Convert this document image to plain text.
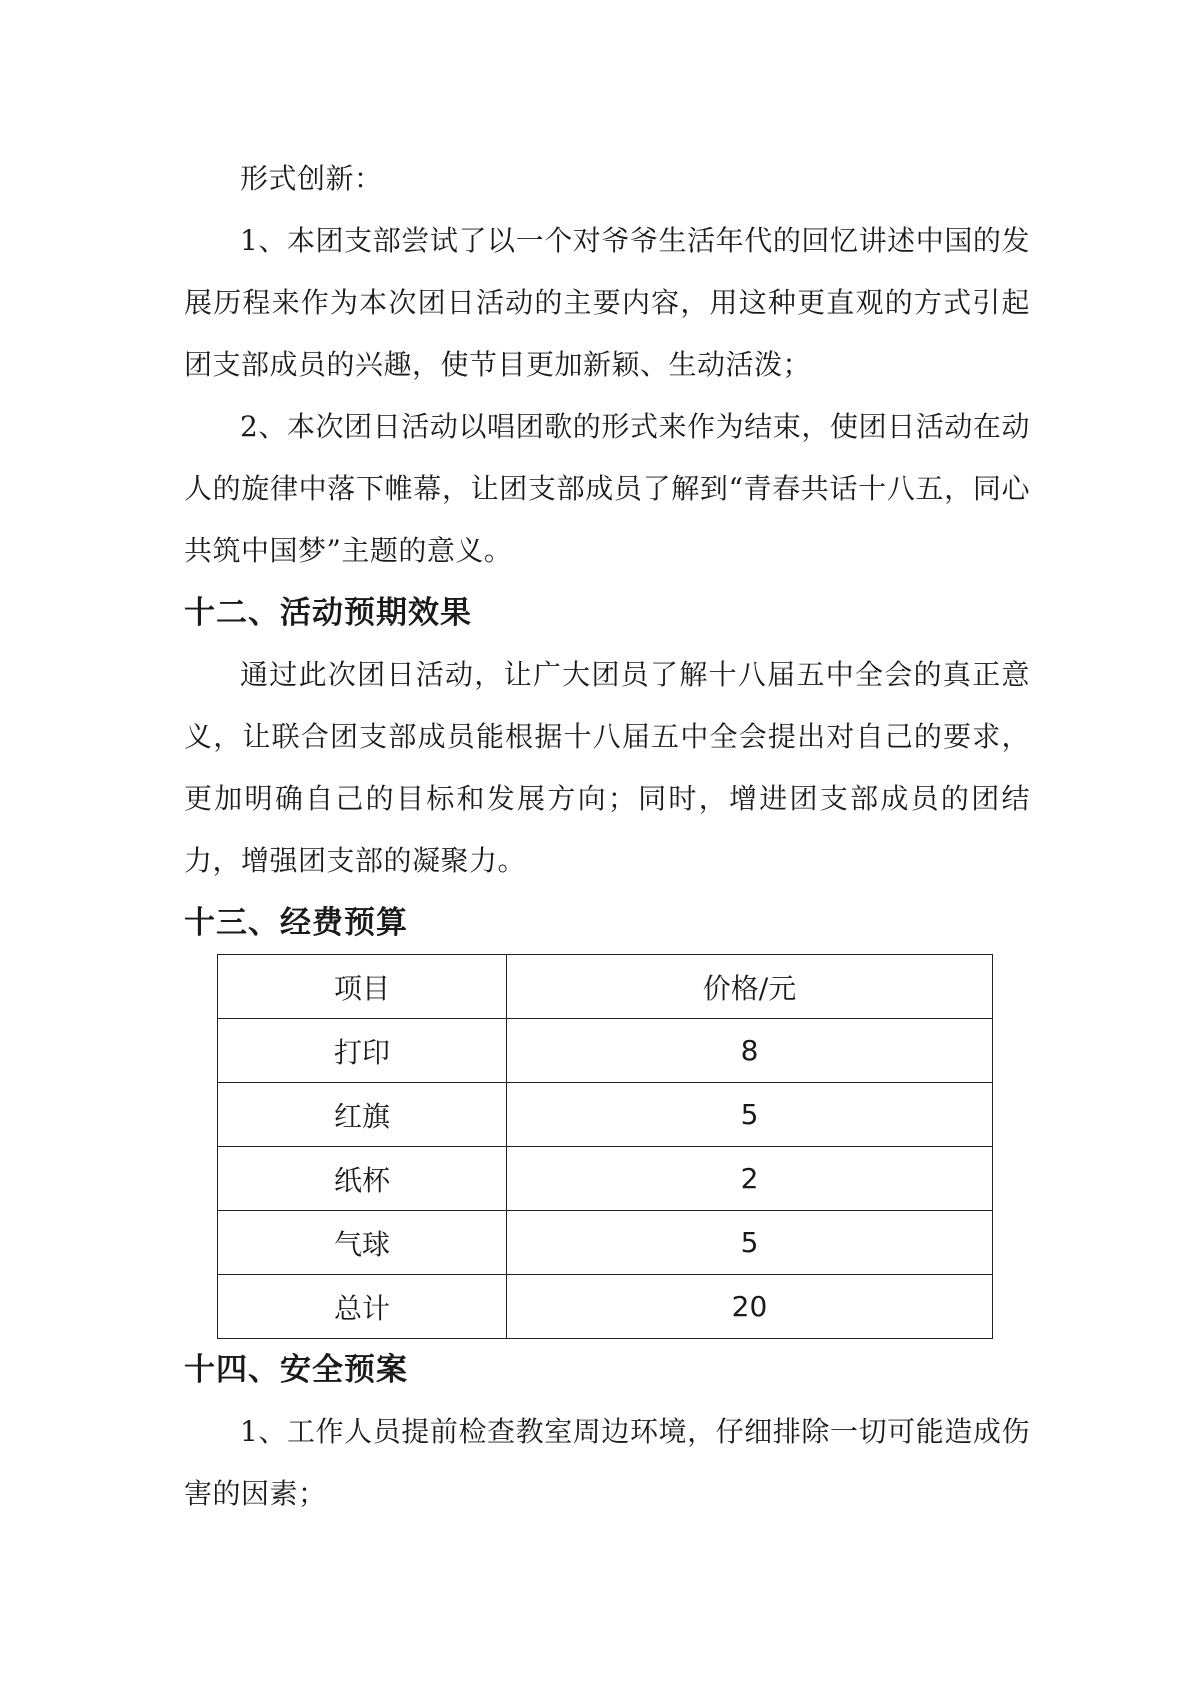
形式创新：

1、本团支部尝试了以一个对爷爷生活年代的回忆讲述中国的发展历程来作为本次团日活动的主要内容，用这种更直观的方式引起团支部成员的兴趣，使节目更加新颖、生动活泼；

2、本次团日活动以唱团歌的形式来作为结束，使团日活动在动人的旋律中落下帷幕，让团支部成员了解到“青春共话十八五，同心共筑中国梦”主题的意义。

十二、活动预期效果

通过此次团日活动，让广大团员了解十八届五中全会的真正意义，让联合团支部成员能根据十八届五中全会提出对自己的要求，更加明确自己的目标和发展方向；同时，增进团支部成员的团结力，增强团支部的凝聚力。

十三、经费预算
项目	价格/元
打印	8
红旗	5
纸杯	2
气球	5
总计	20
十四、安全预案

1、工作人员提前检查教室周边环境，仔细排除一切可能造成伤害的因素；
